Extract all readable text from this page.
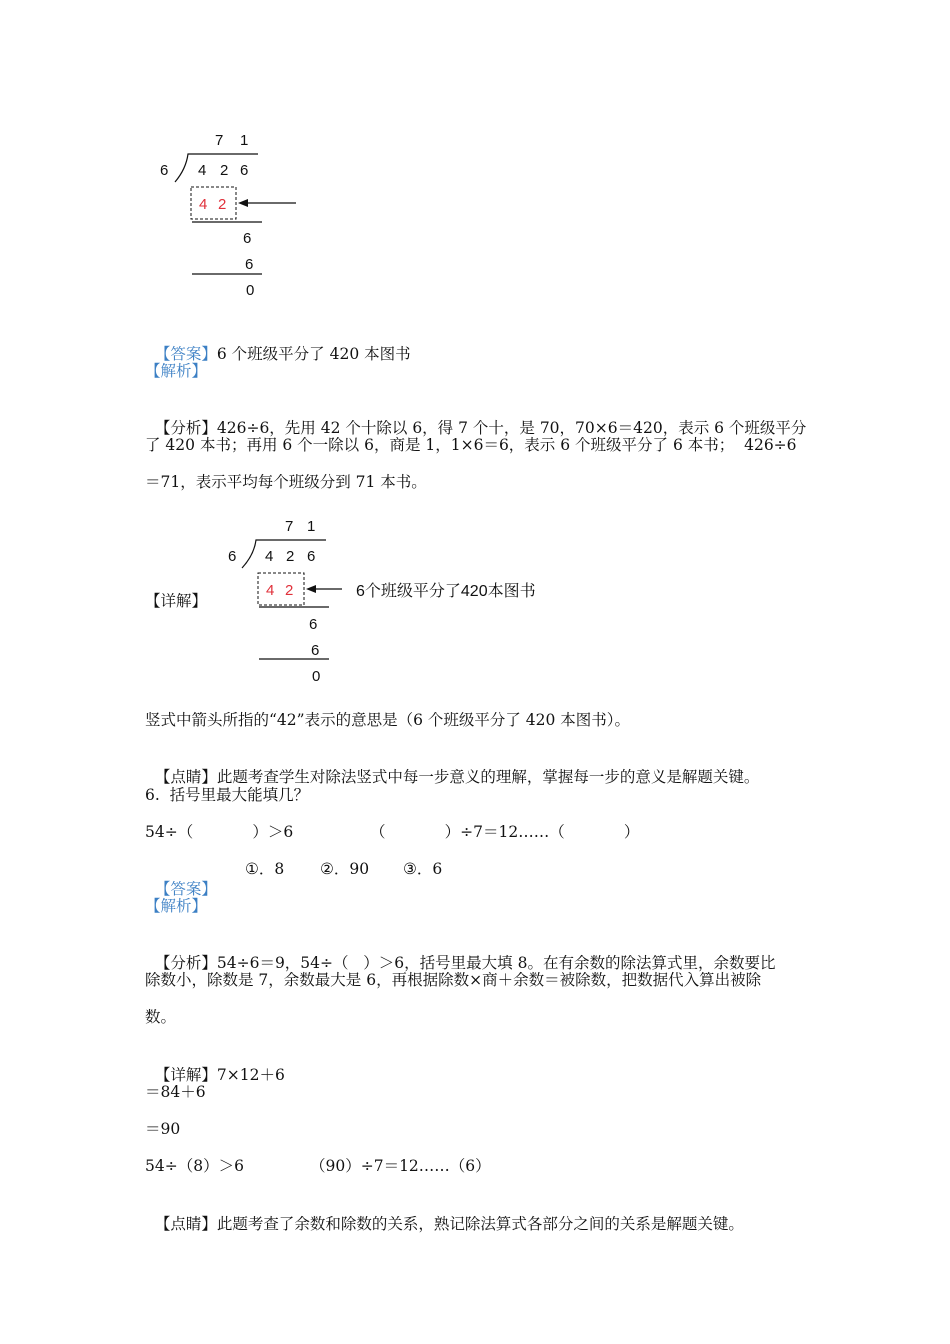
7 1
6 4 2 6
4 2
6
6
0

【答案】6 个班级平分了 420 本图书

【解析】

【分析】426÷6，先用 42 个十除以 6，得 7 个十，是 70，70×6＝420，表示 6 个班级平分

了 420 本书；再用 6 个一除以 6，商是 1，1×6＝6，表示 6 个班级平分了 6 本书；  426÷6
＝71，表示平均每个班级分到 71 本书。
【详解】
7 1
6 4 2 6
4 2
6
6
0
6个班级平分了420本图书
竖式中箭头所指的“42”表示的意思是（6 个班级平分了 420 本图书）。

【点睛】此题考查学生对除法竖式中每一步意义的理解，掌握每一步的意义是解题关键。

6.  括号里最大能填几？
54÷（            ）＞6	（            ）÷7＝12……（            ）

【答案】

①．8 ②．90 ③．6
【解析】

【分析】54÷6＝9，54÷（   ）＞6，括号里最大填 8。在有余数的除法算式里，余数要比

除数小，除数是 7，余数最大是 6，再根据除数×商＋余数＝被除数，把数据代入算出被除
数。

【详解】7×12＋6

＝84＋6
＝90
54÷（8）＞6	（90）÷7＝12……（6）

【点睛】此题考查了余数和除数的关系，熟记除法算式各部分之间的关系是解题关键。
